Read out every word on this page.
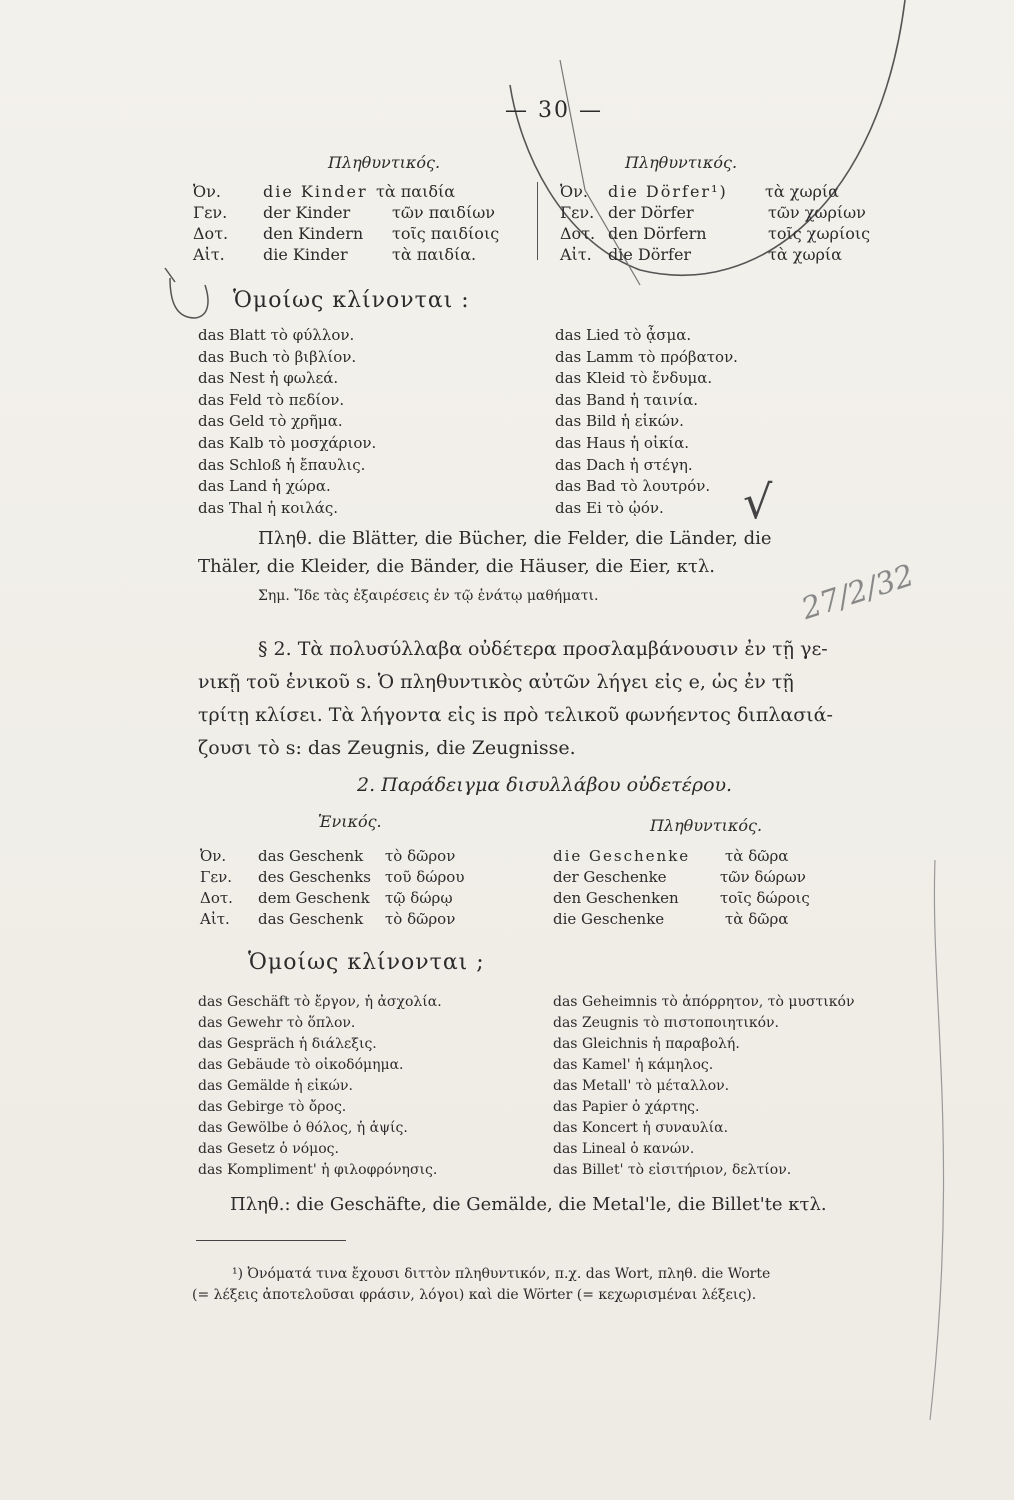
— 30 —
Πληθυντικός.	Πληθυντικός.
Ὀν.	die Kinder τὰ παιδία
Γεν. der Kinder	τῶν παιδίων
Δοτ. den Kindern τοῖς παιδίοις
Αἰτ. die Kinder	τὰ παιδία.
Ὀν. die Dörfer¹) τὰ χωρία
Γεν. der Dörfer	τῶν χωρίων
Δοτ. den Dörfern	τοῖς χωρίοις
Αἰτ. die Dörfer	τὰ χωρία
Ὁμοίως κλίνονται :
das Blatt τὸ φύλλον.
das Buch τὸ βιβλίον.
das Nest ἡ φωλεά.
das Feld τὸ πεδίον.
das Geld τὸ χρῆμα.
das Kalb τὸ μοσχάριον.
das Schloß ἡ ἔπαυλις.
das Land ἡ χώρα.
das Thal ἡ κοιλάς.
das Lied τὸ ᾆσμα.
das Lamm τὸ πρόβατον.
das Kleid τὸ ἔνδυμα.
das Band ἡ ταινία.
das Bild ἡ εἰκών.
das Haus ἡ οἰκία.
das Dach ἡ στέγη.
das Bad τὸ λουτρόν.
das Ei τὸ ᾠόν.	√
Πληθ. die Blätter, die Bücher, die Felder, die Länder, die
Thäler, die Kleider, die Bänder, die Häuser, die Eier, κτλ.
Σημ. Ἴδε τὰς ἐξαιρέσεις ἐν τῷ ἑνάτῳ μαθήματι.	27/2/32
§ 2. Τὰ πολυσύλλαβα οὐδέτερα προσλαμβάνουσιν ἐν τῇ γε-
νικῇ τοῦ ἑνικοῦ s. Ὁ πληθυντικὸς αὐτῶν λήγει εἰς e, ὡς ἐν τῇ
τρίτῃ κλίσει. Τὰ λήγοντα εἰς is πρὸ τελικοῦ φωνήεντος διπλασιά-
ζουσι τὸ s: das Zeugnis, die Zeugnisse.
2. Παράδειγμα δισυλλάβου οὐδετέρου.
Ἑνικός.	Πληθυντικός.
Ὀν. das Geschenk τὸ δῶρον	die Geschenke τὰ δῶρα
Γεν. des Geschenks τοῦ δώρου	der Geschenke	τῶν δώρων
Δοτ. dem Geschenk τῷ δώρῳ	den Geschenken	τοῖς δώροις
Αἰτ. das Geschenk τὸ δῶρον	die Geschenke	τὰ δῶρα
Ὁμοίως κλίνονται ;
das Geschäft τὸ ἔργον, ἡ ἀσχολία.
das Gewehr τὸ ὅπλον.
das Gespräch ἡ διάλεξις.
das Gebäude τὸ οἰκοδόμημα.
das Gemälde ἡ εἰκών.
das Gebirge τὸ ὄρος.
das Gewölbe ὁ θόλος, ἡ ἁψίς.
das Gesetz ὁ νόμος.
das Kompliment' ἡ φιλοφρόνησις.
das Geheimnis τὸ ἀπόρρητον, τὸ μυστικόν
das Zeugnis τὸ πιστοποιητικόν.
das Gleichnis ἡ παραβολή.
das Kamel' ἡ κάμηλος.
das Metall' τὸ μέταλλον.
das Papier ὁ χάρτης.
das Koncert ἡ συναυλία.
das Lineal ὁ κανών.
das Billet' τὸ εἰσιτήριον, δελτίον.
Πληθ.: die Geschäfte, die Gemälde, die Metal'le, die Billet'te κτλ.
¹) Ὀνόματά τινα ἔχουσι διττὸν πληθυντικόν, π.χ. das Wort, πληθ. die Worte
(= λέξεις ἀποτελοῦσαι φράσιν, λόγοι) καὶ die Wörter (= κεχωρισμέναι λέξεις).
